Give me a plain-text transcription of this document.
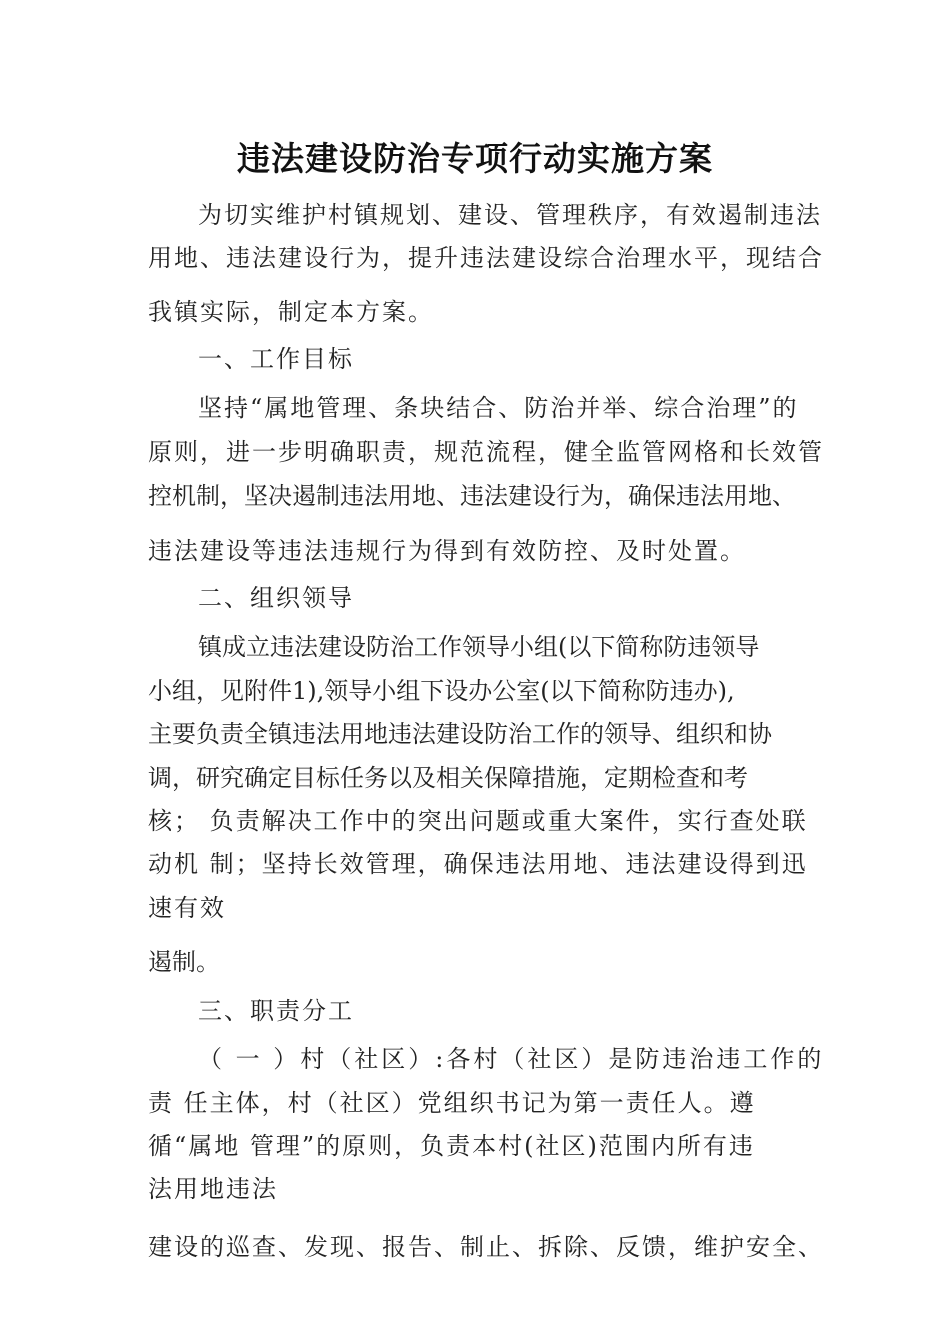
违法建设防治专项行动实施方案
为切实维护村镇规划、建设、管理秩序，有效遏制违法
用地、违法建设行为，提升违法建设综合治理水平，现结合
我镇实际，制定本方案。
一、工作目标
坚持“属地管理、条块结合、防治并举、综合治理”的
原则，进一步明确职责，规范流程，健全监管网格和长效管
控机制，坚决遏制违法用地、违法建设行为，确保违法用地、
违法建设等违法违规行为得到有效防控、及时处置。
二、组织领导
镇成立违法建设防治工作领导小组(以下简称防违领导
小组，见附件1),领导小组下设办公室(以下简称防违办),
主要负责全镇违法用地违法建设防治工作的领导、组织和协
调，研究确定目标任务以及相关保障措施，定期检查和考
核； 负责解决工作中的突出问题或重大案件，实行查处联
动机 制；坚持长效管理，确保违法用地、违法建设得到迅
速有效
遏制。
三、职责分工
（ 一 ）村（社区）:各村（社区）是防违治违工作的
责 任主体，村（社区）党组织书记为第一责任人。遵
循“属地 管理”的原则，负责本村(社区)范围内所有违
法用地违法
建设的巡查、发现、报告、制止、拆除、反馈，维护安全、
